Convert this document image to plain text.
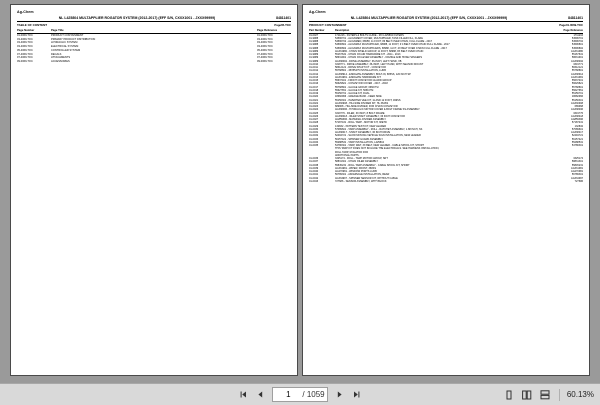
Ag-Chem
NL L425804 MULTAPPLIER ROGATOR SYSTEM (2012-2017) (EFF S/N, CXXX1001 - JXXX99999)	84811401
TABLE OF CONTENT	Page65-TOC
Page Number	Page Title	Page Reference
01-0069-TOC	PRODUCT CONTAINMENT	01-0069-TOC
03-4069-TOC	PRIMARY PRODUCT DISTRIBUTION	03-4069-TOC
03-4069-TOC	HYDRAULIC SYSTEM	03-4069-TOC
03-4069-TOC	ELECTRICAL SYSTEM	03-4069-TOC
05-4069-TOC	CONTROLLER SYSTEM	05-4069-TOC
07-4069-TOC	DECALS	07-4069-TOC
07-4069-TOC	ATTACHMENTS	07-4069-TOC
09-0069-TOC	ACCESSORIES	09-0069-TOC
Ag-Chem
NL L425804 MULTAPPLIER ROGATOR SYSTEM (2012-2017) (EFF S/N, CXXX1001 - JXXX99999)	84811401
PRODUCT CONTAINMENT	Page01-0069-TOC
Part Number	Description	Page Reference
01-0027	1711216 - FILTERS & BOLTS GUIDE - RO L425804 FILTERS	1711216
01-9988	54596701 - ALIGNMENT COVER, MULTAPPLIER, TANK FILLER FILL, FLARE	54596701
01-9988	54596702 - ALIGNMEN, 68958, 11 FOOT, 86 BELT OVER CHAIN, FULL FLARE - 2017	54596702
01-9988	54596801 - ALIGNMAX MULTAPPLIER, 68988, 11 FOOT, # 4 BELT OVER CHAIN FULL FLARE - 2017	54596801
01-9988	54596802 - ALIGNMAX MULTAPPLIERS, 68988, 11 FT, 4X BELT OVER CHAIN FULL FLARE - 2017	54596802
01-9989	AG331980 - CHAIN SHIELD GROUP, 11 FOOT, 68988, 8X BELT OVER CHAIN	AG331980
01-9989	55167631 - CHAIN ON AIR HARDWARE KIT - 2011 - 2013	55167631
01-9989	58631901 - CHAIN ON LEVER ASSEMBLY - NOZZLE AND HOSE HANGERS	58631901
01-9989	AG338492 - DRIVE ASSEMBLY, 36-INCH, LEFT HAND, XB	AG338492
01-0010	3318771 - DRIVE ASSEMBLY, 36-INCH, LEFT HAND, WITH SEASON MOUNT	3319771
01-0011	58312121 - DRIVE SHAFT KIT - CONVEYOR	58312121
01-0012	55768801 - 45X55475 INSTALLATION, LUDB	55768801
01-0012	AG338914 - ENDGATE ASSEMBLY, BOLT-IN, 685SS, 120 INCH SP	AG338914
01-0013	AG331981 - ENDGATE HARDWARE KIT	AG331981
01-0015	55637401 - FRONT CONVEYOR GUARD GROUP	55637401
01-0016	56629821 - CONVEYOR COVER - 2017 - 2018	56629821
01-0017	55768801 - GAUGE GROUP, 3666 PSI	55768801
01-0018	55627651 - GAUGE KIT, 5666 PSI	55627651
01-0019	55156701 - GAUGE KIT, DUAL	55156701
01-0020	18682966 - GREASE BANK - FEED SIDE	18682966
01-0021	55156301 - INVERTED VEE KIT, 11 AND 12 FOOT, 499SS	55156301
01-0022	AG330908 - HILLSIDE DIVIDER KIT, HL 364SS	AG330908
01-0023	689968 - HILLSIDE DIVIDER, FOR CHAIN CONVEYOR	689968
01-0024	AG338496 - HYDRAULIC MOTOR COVER & BOLT FRAME SS ASSEMBLY	AG338496
01-0025	3319776 - IDLER, 39 INCH, 8 BOLT FRAME	3319776
01-0026	AG338418 - IDLER SHAFT ASSEMBLY, 36 INCH CONVEYOR	AG338418
01-0027	AG859396 - MATERIAL DIVIDER ASSEMBLY	AG859396
01-0028	57187431 - ROLL TARP - MOTOR KIT, 38ETD	57187431
01-0029	132832 - PATTERN TEST KIT, NEW LEADER	132832
01-0030	57089601 - TARP ASSEMBLY - ROLL - RATCHET ASSEMBLY, 1.88 INCH, SS	57089601
01-0031	AG338417 - SHAFT ASSEMBLY, 36 INCH DRIVE	AG338417
01-0032	52494721 - SLOW MOVING VEHICLE SIGN INSTALLATION, NEW LEADER	52494721
01-0033	56157421 - SPINNER GUARD ASSEMBLY	56157421
01-0034	55288531 - TARP INSTALLATION, L425804	55288531
01-0035	54786301 - TARP, WET, 3X BELT, NEW LEADER - CABLE SPOOL KIT, SHORT	54786301
THIS TARP KIT DOES NOT INCLUDE THE ELECTRICALS. SEE HARNESS INSTALLATION,
ROLL TARP, ROGATOR FOR
ADDITIONAL PARTS.
01-0036	3325174 - ROLL - TARP MOTOR GROUP, SRT	3325174
01-0037	58831301 - CHAIN OILER ASSEMBLY	58831301
01-0038	55845231 - ROLL TARP ASSEMBLY - CABLE SPOOL KIT, SHORT	55845231
01-0039	AG331981 - WIPER, FRONT, 36#SS	AG331981
01-0040	AG270981 - WINDOW PORTS LUDB	AG270981
01-0041	56789301 - AKKERVALE INSTALLATION, REAR	56789301
01-0042	AG334997 - SPINNER SENSOR KIT, WITHOUT CABLE	AG334997
01-0043	727686 - SENSOR ASSEMBLY, WITH BLOCK	727686
1
/ 1059	60.13%
